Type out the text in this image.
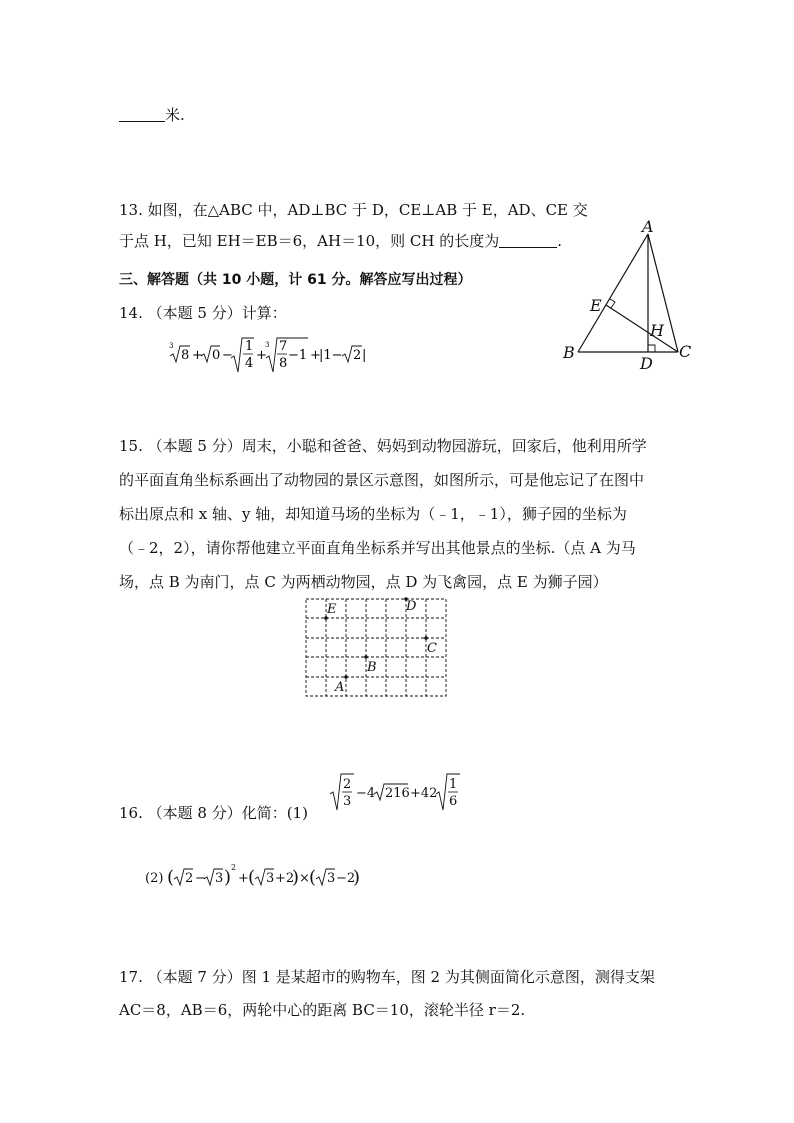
米.
13. 如图，在△ABC 中，AD⊥BC 于 D，CE⊥AB 于 E，AD、CE 交
于点 H，已知 EH＝EB＝6，AH＝10，则 CH 的长度为	.
三、解答题（共 10 小题，计 61 分。解答应写出过程）
14. （本题 5 分）计算：
3
8 + 0 −
1
4
+
3 7
8
−1 +
|1− 2 |
A
B	C
D
E
H
15. （本题 5 分）周末，小聪和爸爸、妈妈到动物园游玩，回家后，他利用所学
的平面直角坐标系画出了动物园的景区示意图，如图所示，可是他忘记了在图中
标出原点和 x 轴、y 轴，却知道马场的坐标为（﹣1，﹣1），狮子园的坐标为
（﹣2，2），请你帮他建立平面直角坐标系并写出其他景点的坐标.（点 A 为马
场，点 B 为南门，点 C 为两栖动物园，点 D 为飞禽园，点 E 为狮子园）
E	D
C
B
A
16. （本题 8 分）化简：(1)
2
3
−4 216 +42
1
6
(2) ( 2 − 3 ) 2
+ ( 3 +2
) × ( 3 −2
)
17. （本题 7 分）图 1 是某超市的购物车，图 2 为其侧面简化示意图，测得支架
AC＝8，AB＝6，两轮中心的距离 BC＝10，滚轮半径 r＝2.
